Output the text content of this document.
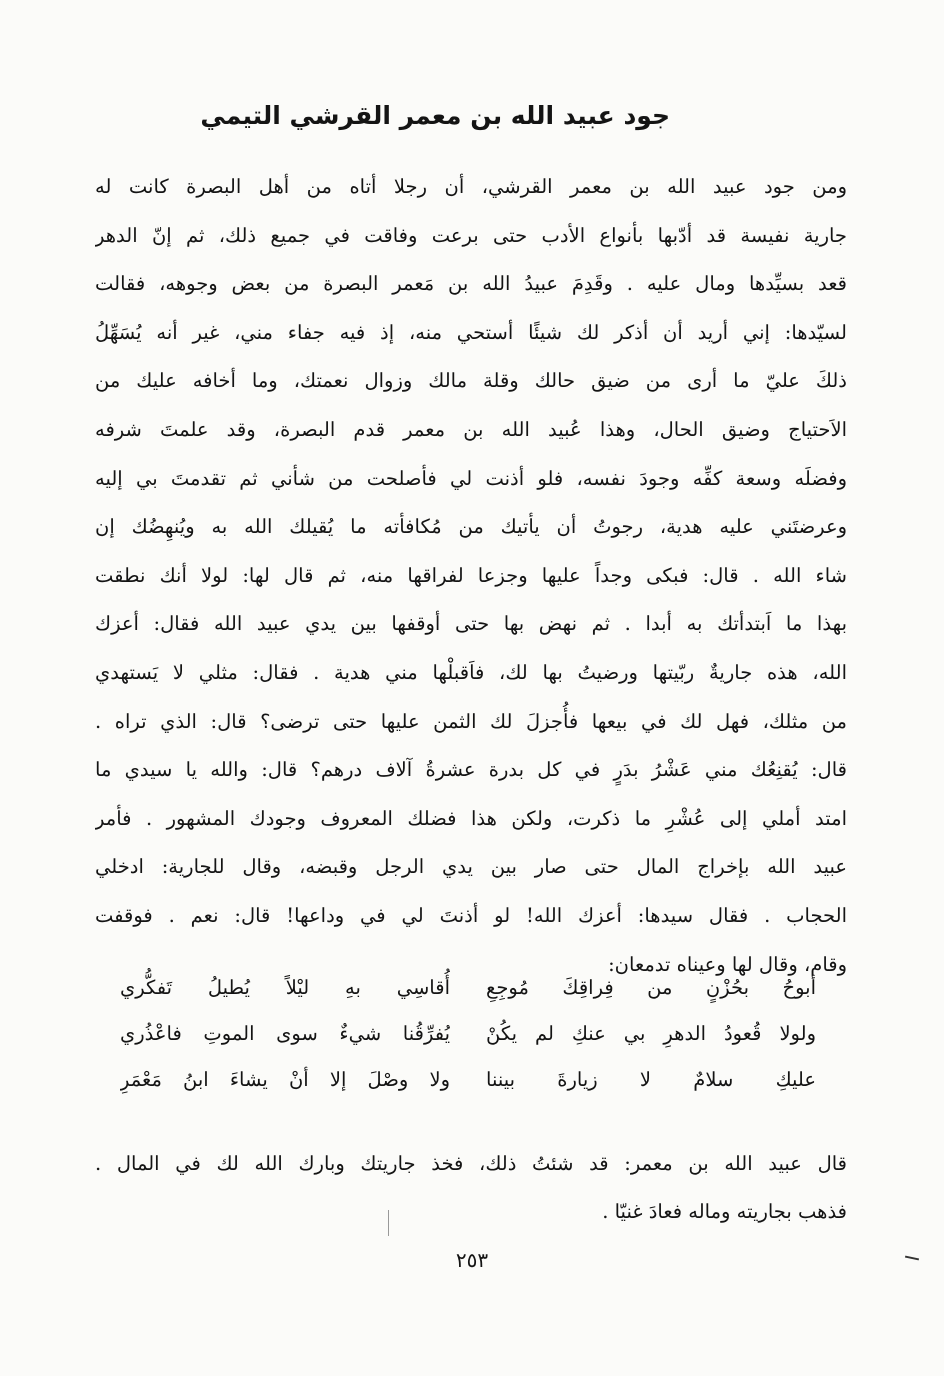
جود عبيد الله بن معمر القرشي التيمي
ومن جود عبيد الله بن معمر القرشي، أن رجلا أتاه من أهل البصرة كانت له
جارية نفيسة قد أدّبها بأنواع الأدب حتى برعت وفاقت في جميع ذلك، ثم إنّ الدهر
قعد بسيِّدها ومال عليه . وقَدِمَ عبيدُ الله بن مَعمر البصرة من بعض وجوهه، فقالت
لسيّدها: إني أريد أن أذكر لك شيئًا أستحي منه، إذ فيه جفاء مني، غير أنه يُسَهِّلُ
ذلكَ عليّ ما أرى من ضيق حالك وقلة مالك وزوال نعمتك، وما أخافه عليك من
الاَحتياج وضيق الحال، وهذا عُبيد الله بن معمر قدم البصرة، وقد علمتَ شرفه
وفضلَه وسعة كفِّه وجودَ نفسه، فلو أذنت لي فأصلحت من شأني ثم تقدمتَ بي إليه
وعرضتَني عليه هدية، رجوتُ أن يأتيك من مُكافأته ما يُقيلك الله به ويُنهِضُك إن
شاء الله . قال: فبكى وجداً عليها وجزعا لفراقها منه، ثم قال لها: لولا أنك نطقت
بهذا ما اَبتدأتك به أبدا . ثم نهض بها حتى أوقفها بين يدي عبيد الله فقال: أعزك
الله، هذه جاريةٌ ربّيتها ورضيتُ بها لك، فاَقبلْها مني هدية . فقال: مثلي لا يَستهدي
من مثلك، فهل لك في بيعها فأُجزلَ لك الثمن عليها حتى ترضى؟ قال: الذي تراه .
قال: يُقنِعُك مني عَشْرُ بدَرٍ في كل بدرة عشرةُ آلاف درهم؟ قال: والله يا سيدي ما
امتد أملي إلى عُشْرِ ما ذكرت، ولكن هذا فضلك المعروف وجودك المشهور . فأمر
عبيد الله بإخراج المال حتى صار بين يدي الرجل وقبضه، وقال للجارية: ادخلي
الحجاب . فقال سيدها: أعزك الله! لو أذنتَ لي في وداعها! قال: نعم . فوقفت
وقام، وقال لها وعيناه تدمعان:
أبوحُ بحُزْنٍ من فِراقِكَ مُوجِعِ
أُقاسِي بهِ ليْلاً يُطيلُ تَفكُّري
ولولا قُعودُ الدهرِ بي عنكِ لم يكُنْ
يُفرِّقُنا شيءٌ سوى الموتِ فاعْذُري
عليكِ سلامٌ لا زيارةَ بيننا
ولا وصْلَ إلا أنْ يشاءَ ابنُ مَعْمَرِ
قال عبيد الله بن معمر: قد شئتُ ذلك، فخذ جاريتك وبارك الله لك في المال .
فذهب بجاريته وماله فعادَ غنيّا .
٢٥٣
